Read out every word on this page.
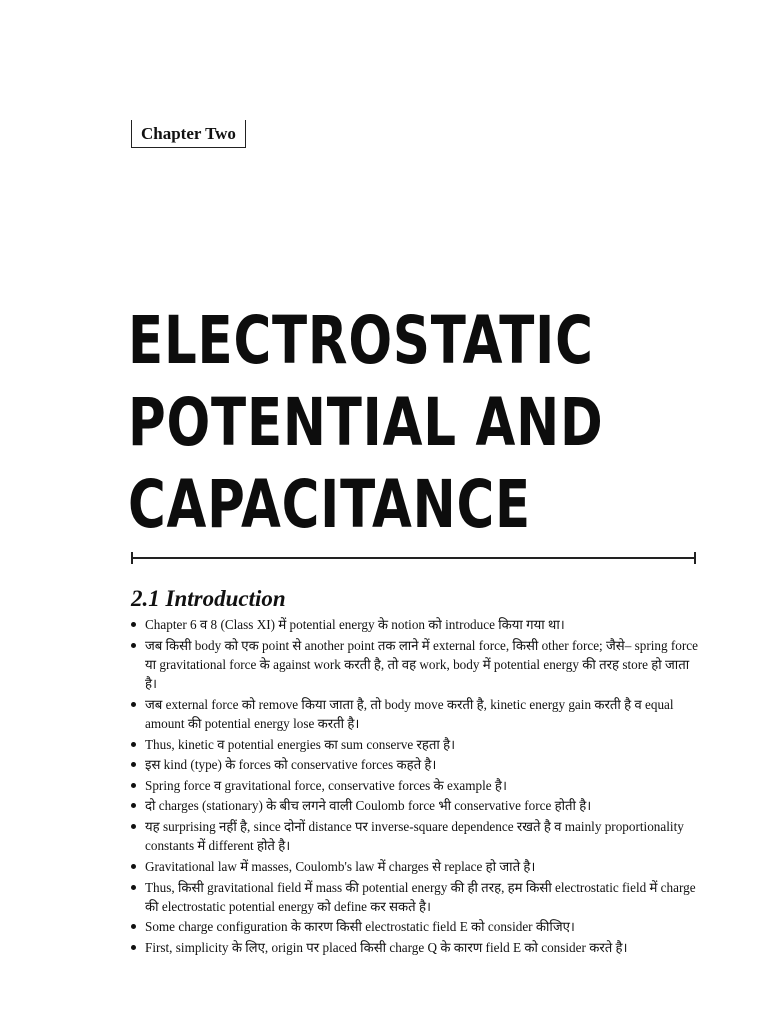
Chapter Two
ELECTROSTATIC
POTENTIAL AND
CAPACITANCE
2.1 Introduction
Chapter 6 व 8 (Class XI) में potential energy के notion को introduce किया गया था।
जब किसी body को एक point से another point तक लाने में external force, किसी other force; जैसे– spring force या gravitational force के against work करती है, तो वह work, body में potential energy की तरह store हो जाता है।
जब external force को remove किया जाता है, तो body move करती है, kinetic energy gain करती है व equal amount की potential energy lose करती है।
Thus, kinetic व potential energies का sum conserve रहता है।
इस kind (type) के forces को conservative forces कहते है।
Spring force व gravitational force, conservative forces के example है।
दो charges (stationary) के बीच लगने वाली Coulomb force भी conservative force होती है।
यह surprising नहीं है, since दोनों distance पर inverse-square dependence रखते है व mainly proportionality constants में different होते है।
Gravitational law में masses, Coulomb's law में charges से replace हो जाते है।
Thus, किसी gravitational field में mass की potential energy की ही तरह, हम किसी electrostatic field में charge की electrostatic potential energy को define कर सकते है।
Some charge configuration के कारण किसी electrostatic field E को consider कीजिए।
First, simplicity के लिए, origin पर placed किसी charge Q के कारण field E को consider करते है।
